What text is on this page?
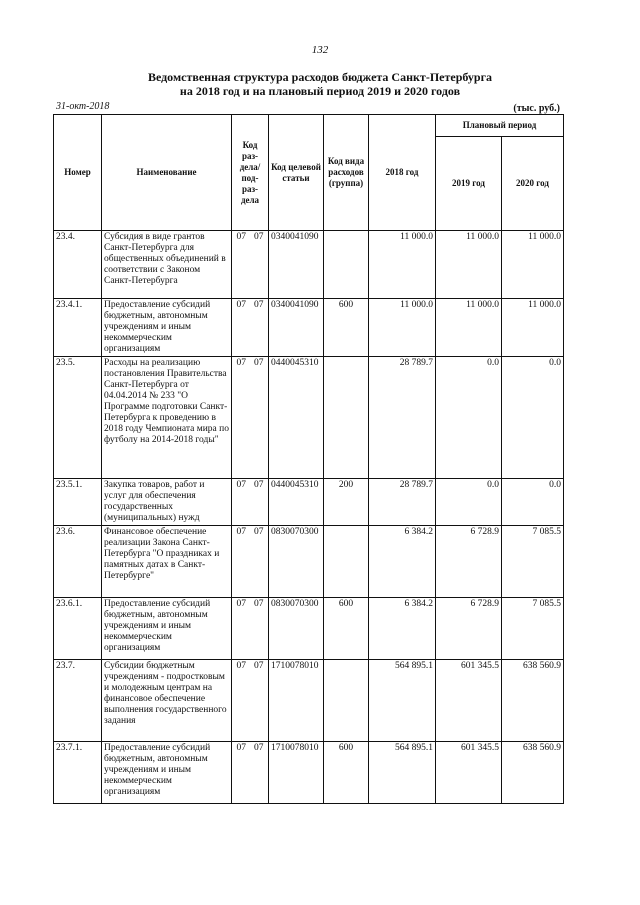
132
Ведомственная структура расходов бюджета Санкт-Петербурга
на 2018 год и на плановый период 2019 и 2020 годов
31-окт-2018	(тыс. руб.)
Номер	Наименование	Код раз-дела/ под-раз-дела	Код целевой статьи	Код вида расходов (группа)	2018 год	Плановый период	
						2019 год	2020 год
23.4.	Субсидия в виде грантов Санкт-Петербурга для общественных объединений в соответствии с Законом Санкт-Петербурга	07 07	0340041090		11 000.0	11 000.0	11 000.0
23.4.1.	Предоставление субсидий бюджетным, автономным учреждениям и иным некоммерческим организациям	07 07	0340041090	600	11 000.0	11 000.0	11 000.0
23.5.	Расходы на реализацию постановления Правительства Санкт-Петербурга от 04.04.2014 № 233 "О Программе подготовки Санкт-Петербурга к проведению в 2018 году Чемпионата мира по футболу на 2014-2018 годы"	07 07	0440045310		28 789.7	0.0	0.0
23.5.1.	Закупка товаров, работ и услуг для обеспечения государственных (муниципальных) нужд	07 07	0440045310	200	28 789.7	0.0	0.0
23.6.	Финансовое обеспечение реализации Закона Санкт-Петербурга "О праздниках и памятных датах в Санкт-Петербурге"	07 07	0830070300		6 384.2	6 728.9	7 085.5
23.6.1.	Предоставление субсидий бюджетным, автономным учреждениям и иным некоммерческим организациям	07 07	0830070300	600	6 384.2	6 728.9	7 085.5
23.7.	Субсидии бюджетным учреждениям - подростковым и молодежным центрам на финансовое обеспечение выполнения государственного задания	07 07	1710078010		564 895.1	601 345.5	638 560.9
23.7.1.	Предоставление субсидий бюджетным, автономным учреждениям и иным некоммерческим организациям	07 07	1710078010	600	564 895.1	601 345.5	638 560.9
